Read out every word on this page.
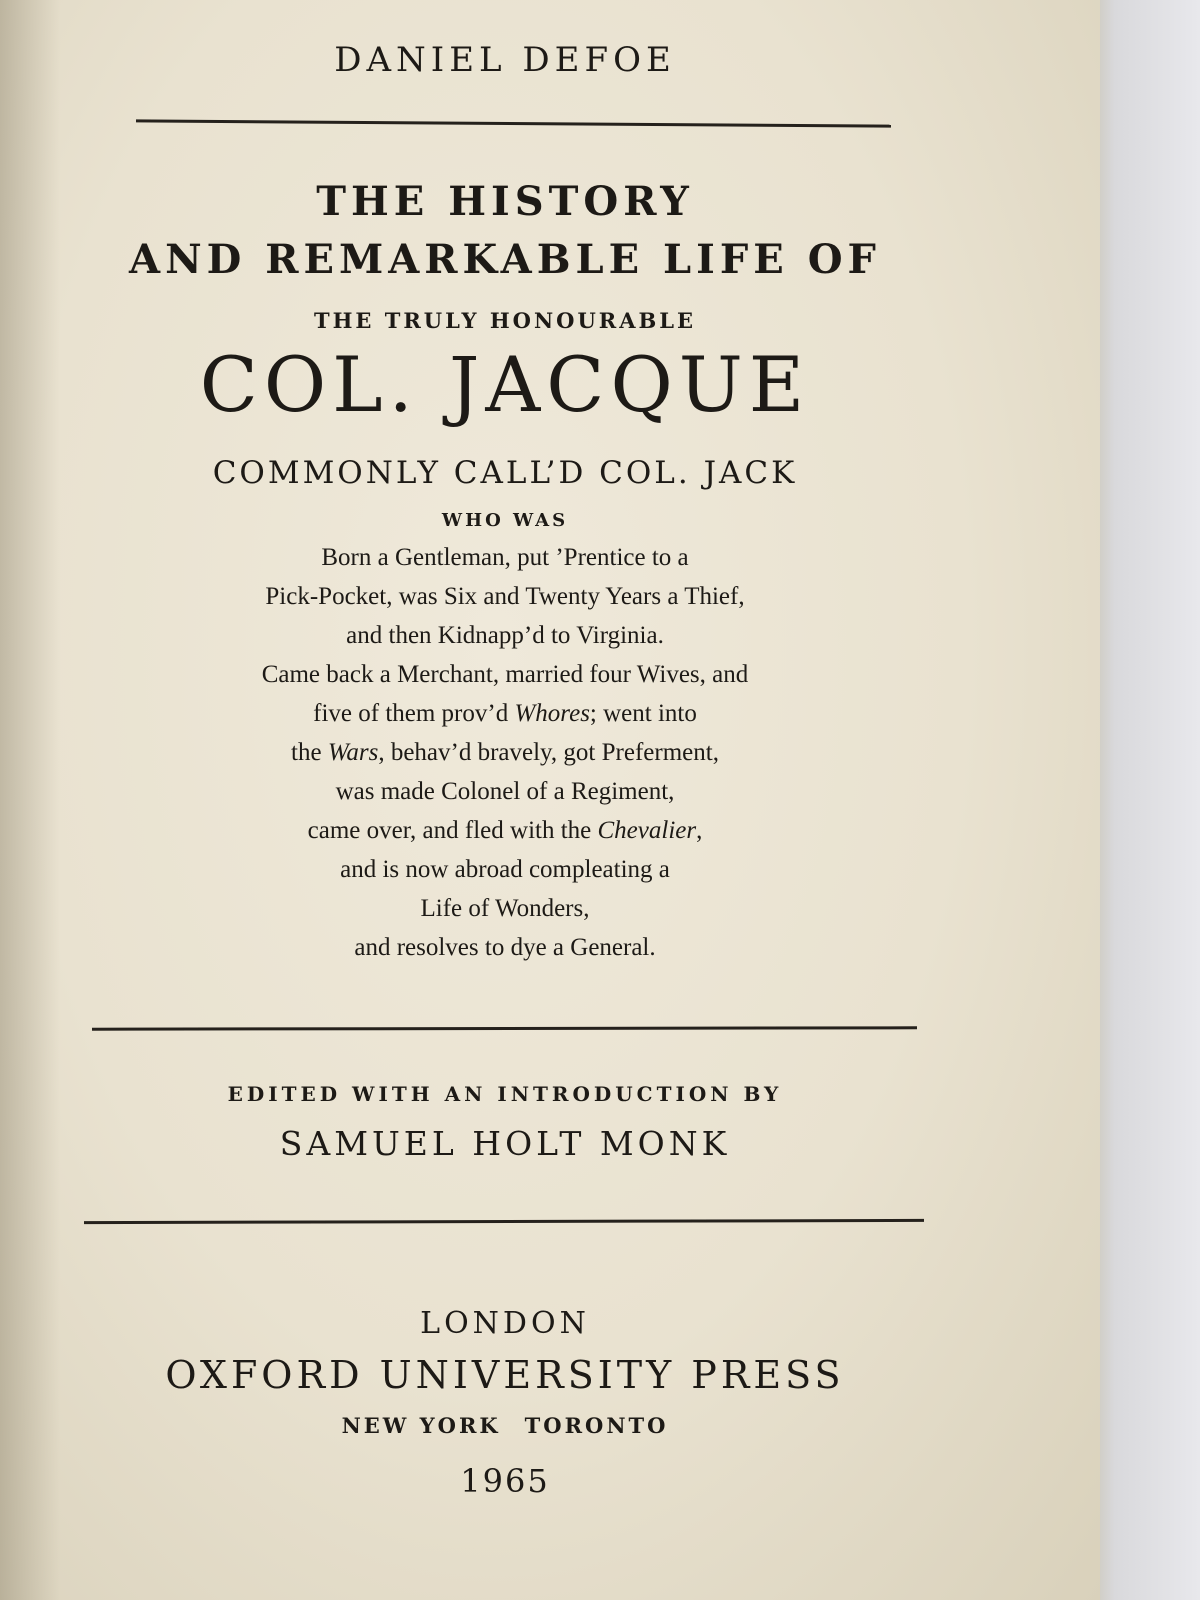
DANIEL DEFOE
THE HISTORY
AND REMARKABLE LIFE OF
THE TRULY HONOURABLE
COL. JACQUE
COMMONLY CALL’D COL. JACK
WHO WAS

Born a Gentleman, put ’Prentice to a

Pick-Pocket, was Six and Twenty Years a Thief,

and then Kidnapp’d to Virginia.

Came back a Merchant, married four Wives, and

five of them prov’d Whores; went into

the Wars, behav’d bravely, got Preferment,

was made Colonel of a Regiment,

came over, and fled with the Chevalier,

and is now abroad compleating a

Life of Wonders,

and resolves to dye a General.

EDITED WITH AN INTRODUCTION BY
SAMUEL HOLT MONK
LONDON
OXFORD UNIVERSITY PRESS
NEW YORK TORONTO
1965
